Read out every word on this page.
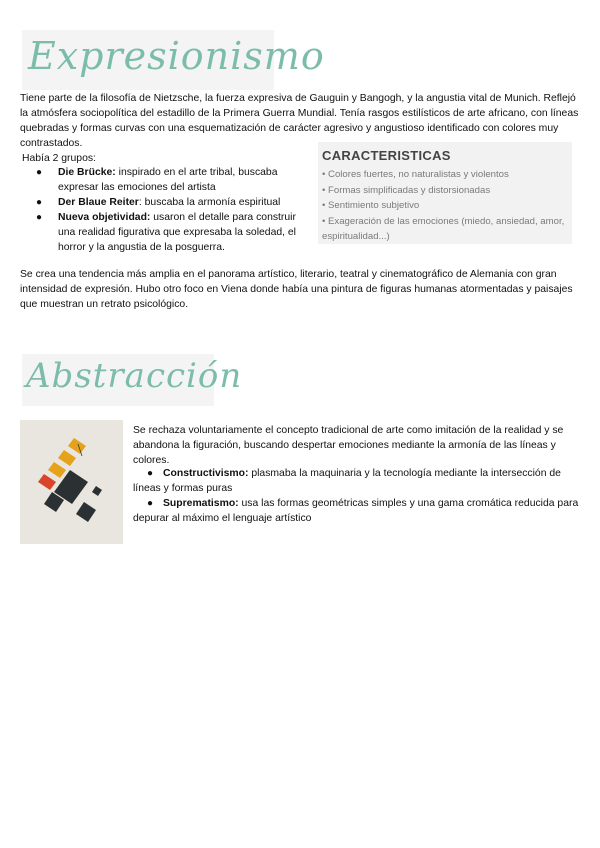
Expresionismo

Tiene parte de la filosofía de Nietzsche, la fuerza expresiva de Gauguin y Bangogh, y la angustia vital de Munich. Reflejó la atmósfera sociopolítica del estadillo de la Primera Guerra Mundial. Tenía rasgos estilísticos de arte africano, con líneas quebradas y formas curvas con una esquematización de carácter agresivo y angustioso identificado con colores muy contrastados.

Había 2 grupos:

● Die Brücke: inspirado en el arte tribal, buscaba expresar las emociones del artista
● Der Blaue Reiter: buscaba la armonía espiritual
● Nueva objetividad: usaron el detalle para construir una realidad figurativa que expresaba la soledad, el horror y la angustia de la posguerra.
CARACTERISTICAS
• Colores fuertes, no naturalistas y violentos
• Formas simplificadas y distorsionadas
• Sentimiento subjetivo
• Exageración de las emociones (miedo, ansiedad, amor, espiritualidad...)

Se crea una tendencia más amplia en el panorama artístico, literario, teatral y cinematográfico de Alemania con gran intensidad de expresión. Hubo otro foco en Viena donde había una pintura de figuras humanas atormentadas y paisajes que muestran un retrato psicológico.

Abstracción

Se rechaza voluntariamente el concepto tradicional de arte como imitación de la realidad y se abandona la figuración, buscando despertar emociones mediante la armonía de las líneas y colores.

● Constructivismo: plasmaba la maquinaria y la tecnología mediante la intersección de líneas y formas puras
● Suprematismo: usa las formas geométricas simples y una gama cromática reducida para depurar al máximo el lenguaje artístico
